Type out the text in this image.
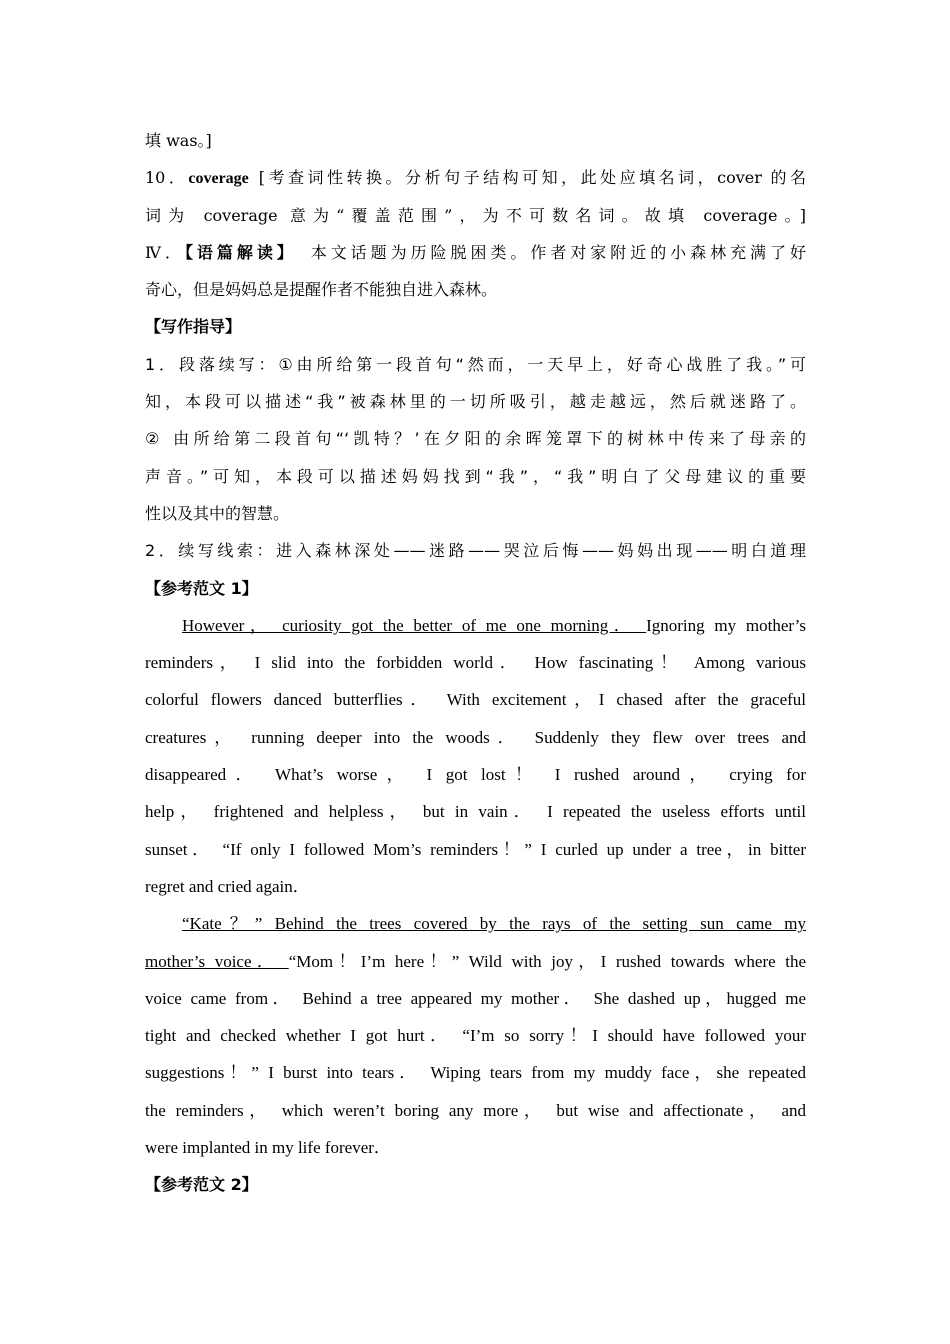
填 was。]
10．coverage [考查词性转换。分析句子结构可知，此处应填名词，cover 的名
词为 coverage 意为“覆盖范围”，为不可数名词。故填 coverage。]
Ⅳ．【语篇解读】 本文话题为历险脱困类。作者对家附近的小森林充满了好
奇心，但是妈妈总是提醒作者不能独自进入森林。
【写作指导】
1．段落续写：①由所给第一段首句“然而，一天早上，好奇心战胜了我。”可
知，本段可以描述“我”被森林里的一切所吸引，越走越远，然后就迷路了。
② 由所给第二段首句“‘凯特？’在夕阳的余晖笼罩下的树林中传来了母亲的
声音。”可知，本段可以描述妈妈找到“我”，“我”明白了父母建议的重要
性以及其中的智慧。
2．续写线索：进入森林深处——迷路——哭泣后悔——妈妈出现——明白道理
【参考范文 1】
However， curiosity got the better of me one morning． Ignoring my mother’s
reminders， I slid into the forbidden world． How fascinating！ Among various
colorful flowers danced butterflies． With excitement，I chased after the graceful
creatures， running deeper into the woods． Suddenly they flew over trees and
disappeared． What’s worse， I got lost！ I rushed around， crying for
help， frightened and helpless， but in vain． I repeated the useless efforts until
sunset． “If only I followed Mom’s reminders！” I curled up under a tree，in bitter
regret and cried again．
“Kate？” Behind the trees covered by the rays of the setting sun came my
mother’s voice． “Mom！I’m here！” Wild with joy，I rushed towards where the
voice came from． Behind a tree appeared my mother． She dashed up，hugged me
tight and checked whether I got hurt． “I’m so sorry！I should have followed your
suggestions！” I burst into tears． Wiping tears from my muddy face，she repeated
the reminders， which weren’t boring any more， but wise and affectionate， and
were implanted in my life forever．
【参考范文 2】
